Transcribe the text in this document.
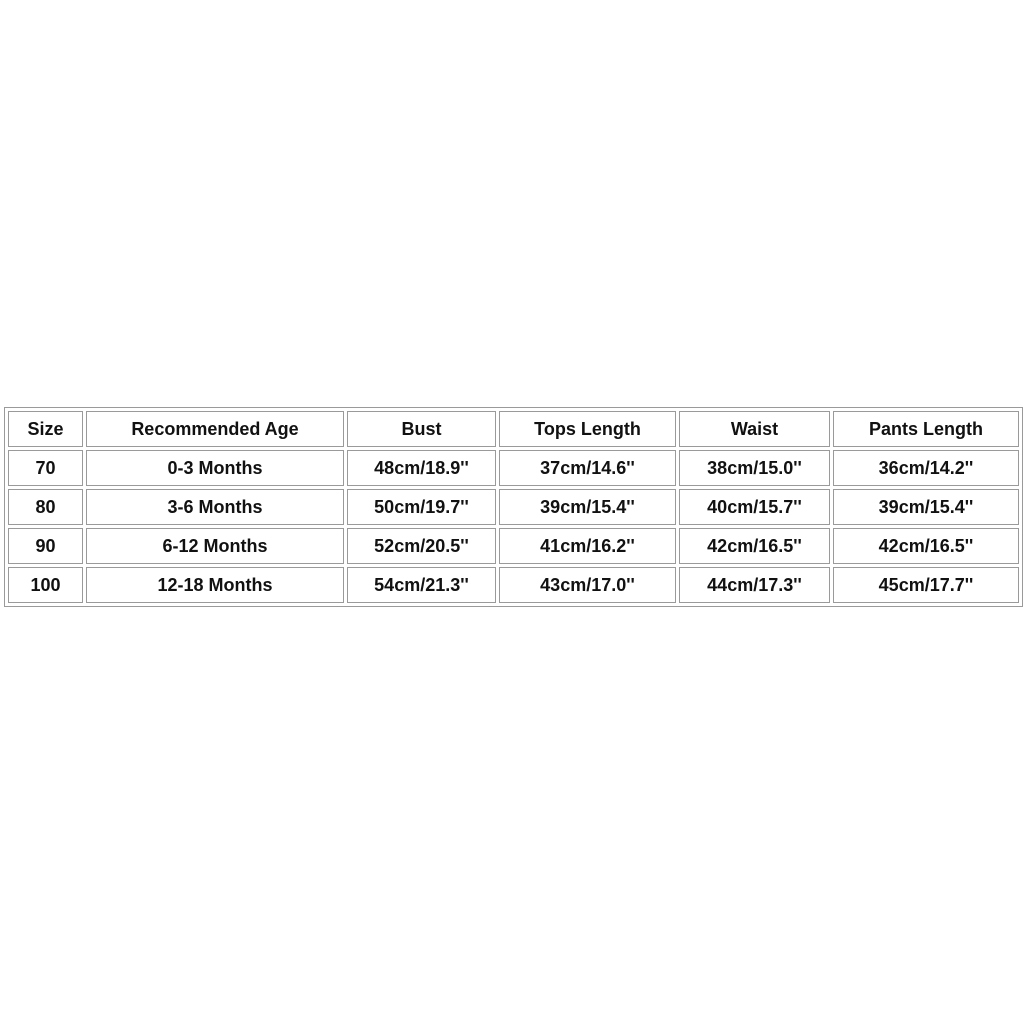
Size	Recommended Age	Bust	Tops Length	Waist	Pants Length
70	0-3 Months	48cm/18.9''	37cm/14.6''	38cm/15.0''	36cm/14.2''
80	3-6 Months	50cm/19.7''	39cm/15.4''	40cm/15.7''	39cm/15.4''
90	6-12 Months	52cm/20.5''	41cm/16.2''	42cm/16.5''	42cm/16.5''
100	12-18 Months	54cm/21.3''	43cm/17.0''	44cm/17.3''	45cm/17.7''
